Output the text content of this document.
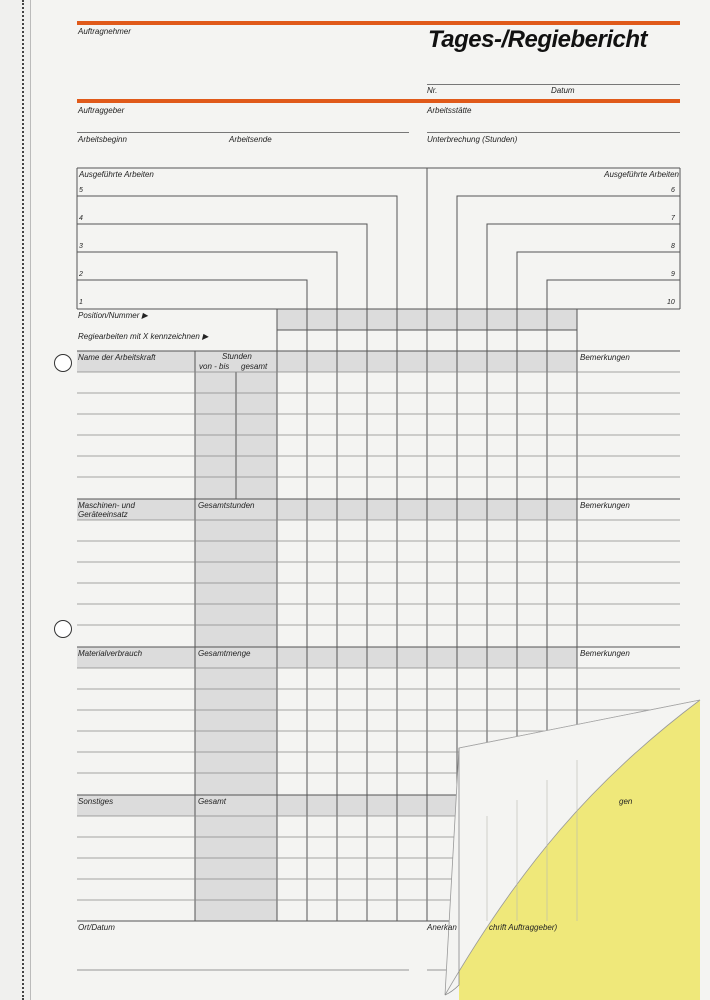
Auftragnehmer	Tages-/Regiebericht
Nr.	Datum
Auftraggeber	Arbeitsstätte
Arbeitsbeginn	Arbeitsende	Unterbrechung (Stunden)
Ausgeführte Arbeiten	Ausgeführte Arbeiten
5
4
3
2
1
6
7
8
9
10
Position/Nummer ▶
Regiearbeiten mit X kennzeichnen ▶
Name der Arbeitskraft	Stunden
von - bis gesamt
Bemerkungen
Maschinen- und
Geräteeinsatz
Gesamtstunden	Bemerkungen
Materialverbrauch	Gesamtmenge	Bemerkungen
Sonstiges	Gesamt	gen
Ort/Datum	Anerkan	chrift Auftraggeber)
